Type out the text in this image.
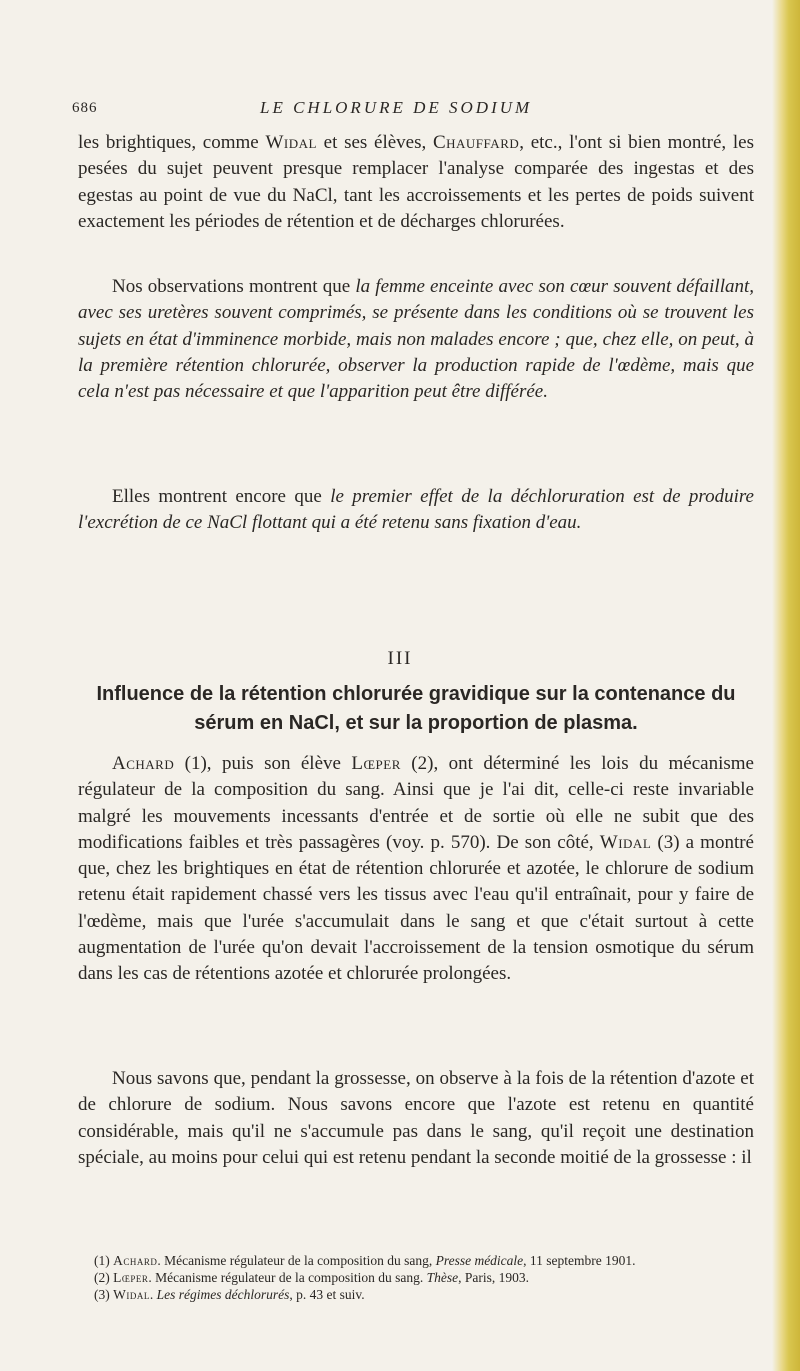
686	LE CHLORURE DE SODIUM

les brightiques, comme Widal et ses élèves, Chauffard, etc., l'ont si bien montré, les pesées du sujet peuvent presque remplacer l'analyse comparée des ingestas et des egestas au point de vue du NaCl, tant les accroissements et les pertes de poids suivent exactement les périodes de rétention et de décharges chlorurées.

Nos observations montrent que la femme enceinte avec son cœur souvent défaillant, avec ses uretères souvent comprimés, se présente dans les conditions où se trouvent les sujets en état d'imminence morbide, mais non malades encore ; que, chez elle, on peut, à la première rétention chlorurée, observer la production rapide de l'œdème, mais que cela n'est pas nécessaire et que l'apparition peut être différée.

Elles montrent encore que le premier effet de la déchloruration est de produire l'excrétion de ce NaCl flottant qui a été retenu sans fixation d'eau.

III
Influence de la rétention chlorurée gravidique sur la contenance du sérum en NaCl, et sur la proportion de plasma.

Achard (1), puis son élève Lœper (2), ont déterminé les lois du mécanisme régulateur de la composition du sang. Ainsi que je l'ai dit, celle-ci reste invariable malgré les mouvements incessants d'entrée et de sortie où elle ne subit que des modifications faibles et très passagères (voy. p. 570). De son côté, Widal (3) a montré que, chez les brightiques en état de rétention chlorurée et azotée, le chlorure de sodium retenu était rapidement chassé vers les tissus avec l'eau qu'il entraînait, pour y faire de l'œdème, mais que l'urée s'accumulait dans le sang et que c'était surtout à cette augmentation de l'urée qu'on devait l'accroissement de la tension osmotique du sérum dans les cas de rétentions azotée et chlorurée prolongées.

Nous savons que, pendant la grossesse, on observe à la fois de la rétention d'azote et de chlorure de sodium. Nous savons encore que l'azote est retenu en quantité considérable, mais qu'il ne s'accumule pas dans le sang, qu'il reçoit une destination spéciale, au moins pour celui qui est retenu pendant la seconde moitié de la grossesse : il

(1) Achard. Mécanisme régulateur de la composition du sang, Presse médicale, 11 septembre 1901.

(2) Lœper. Mécanisme régulateur de la composition du sang. Thèse, Paris, 1903.

(3) Widal. Les régimes déchlorurés, p. 43 et suiv.
